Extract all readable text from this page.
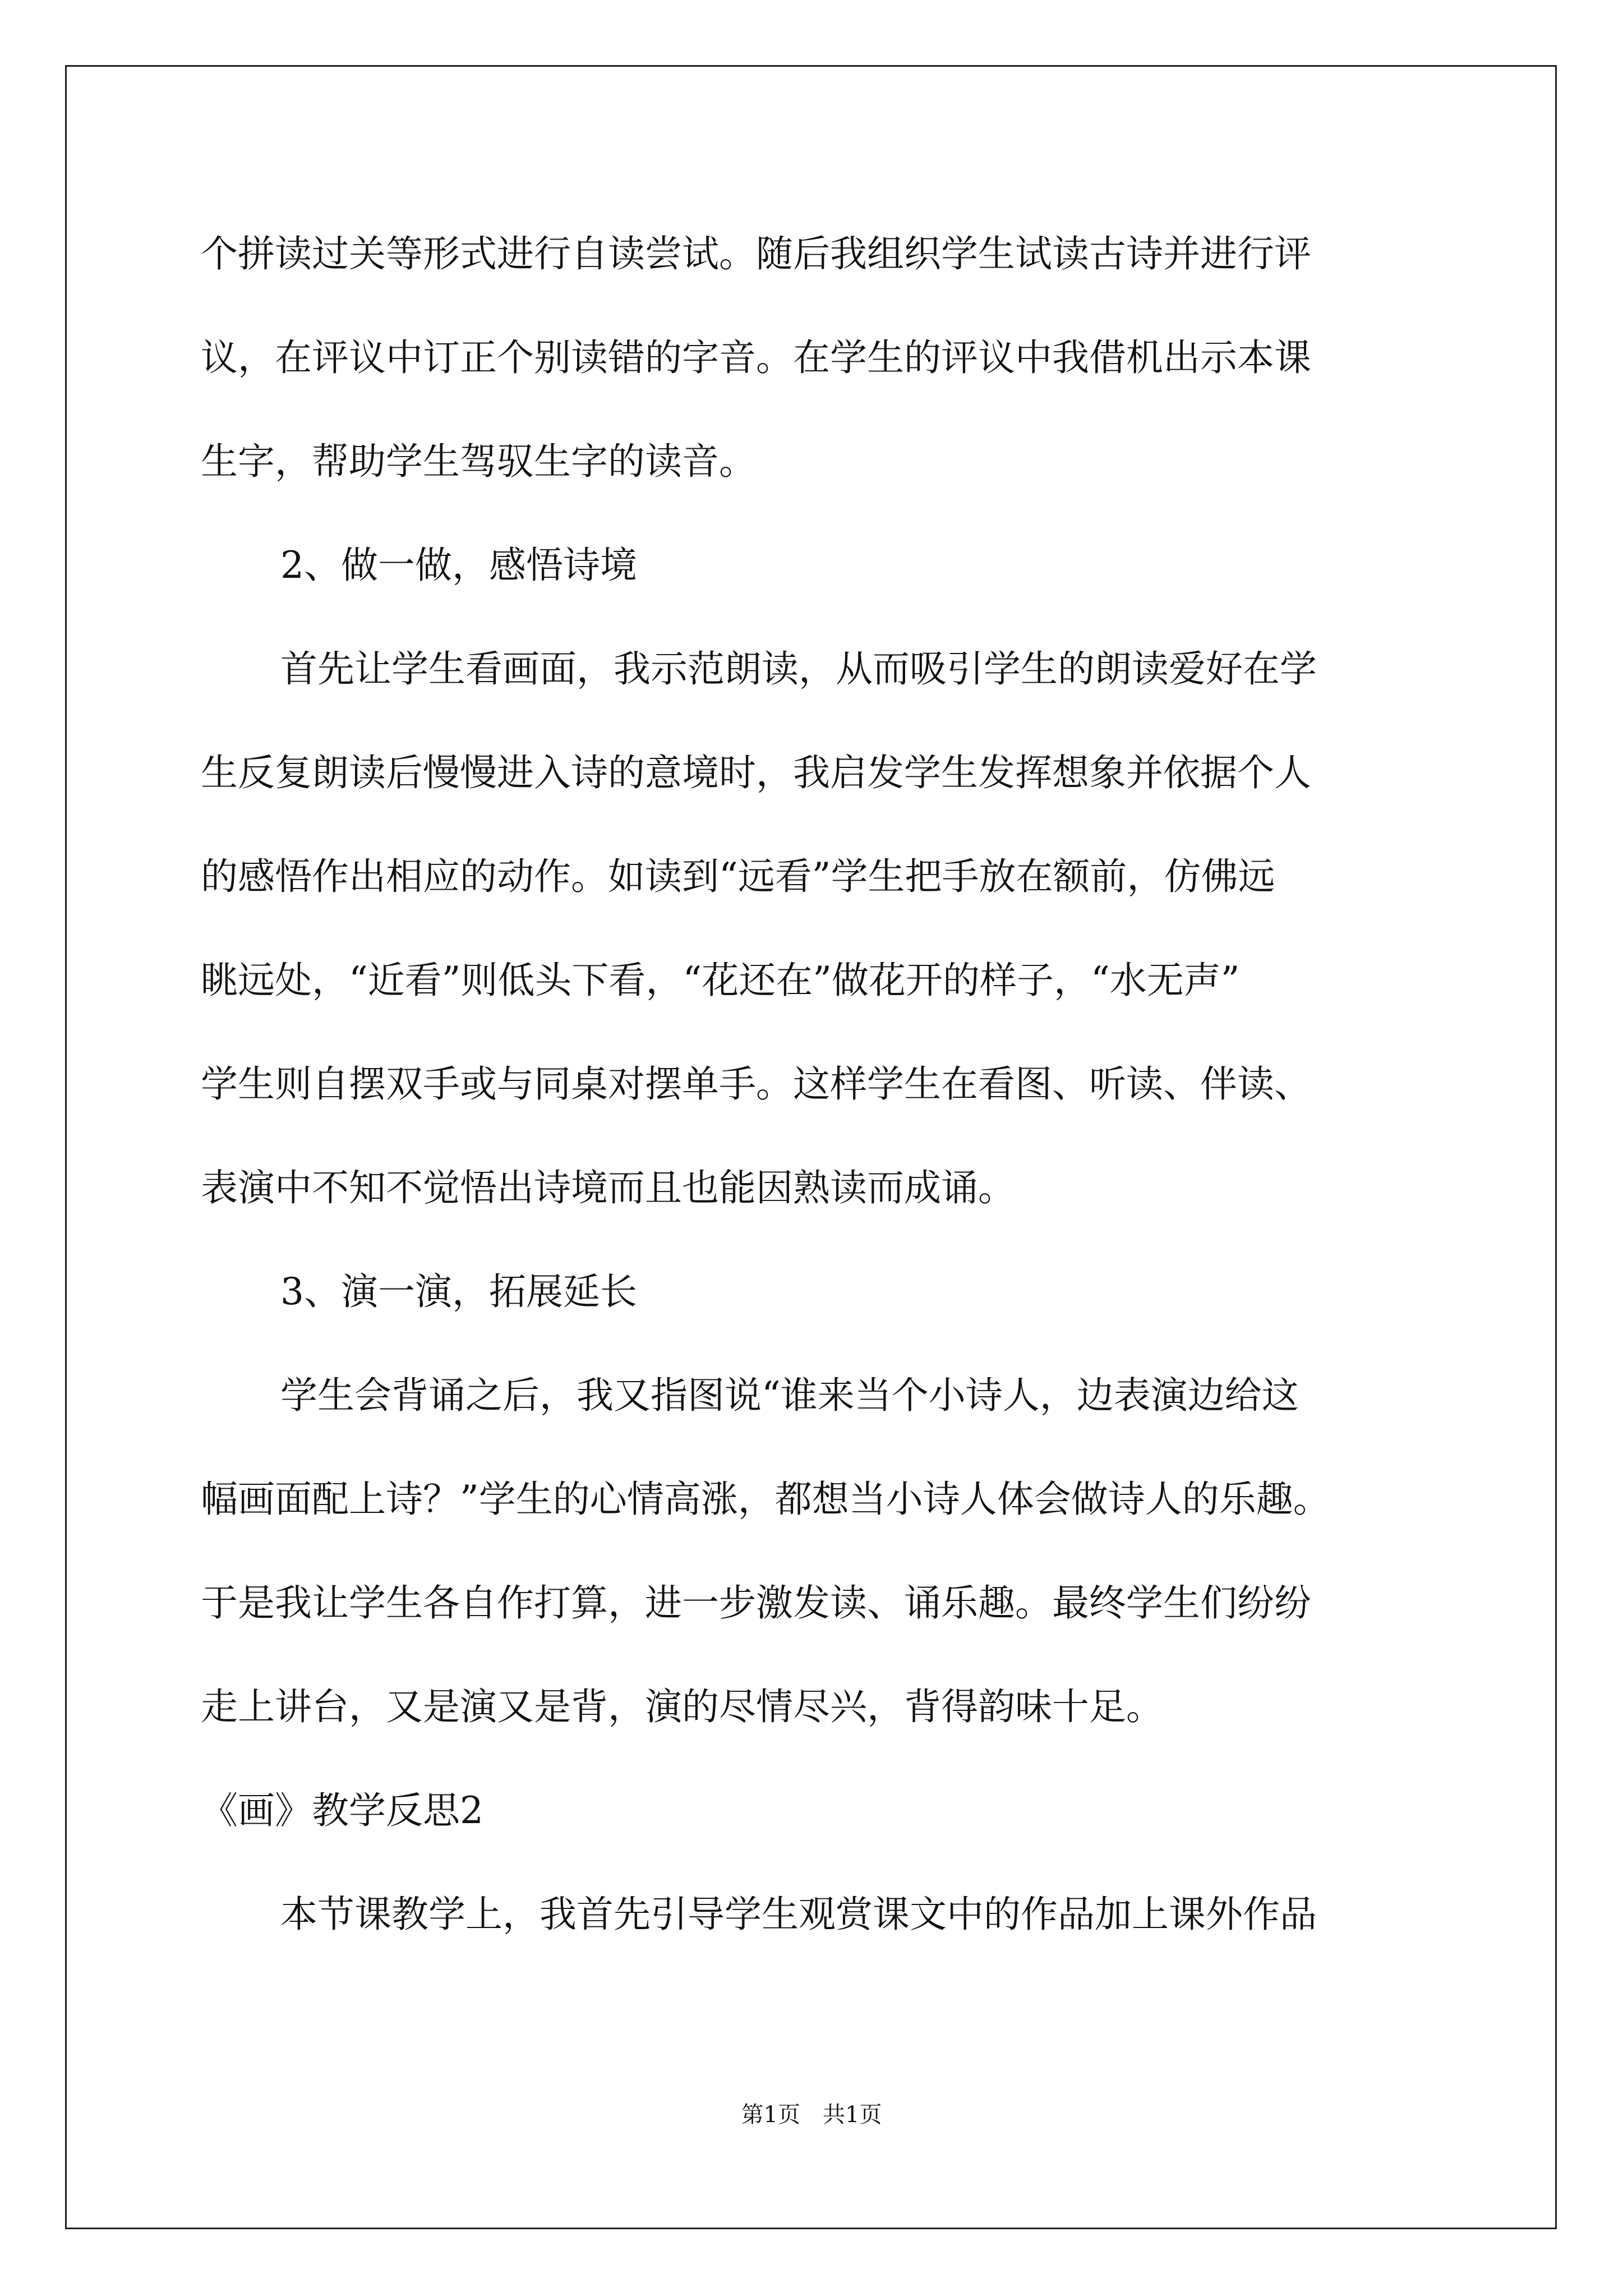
个拼读过关等形式进行自读尝试。随后我组织学生试读古诗并进行评
议，在评议中订正个别读错的字音。在学生的评议中我借机出示本课
生字，帮助学生驾驭生字的读音。
2、做一做，感悟诗境
首先让学生看画面，我示范朗读，从而吸引学生的朗读爱好在学
生反复朗读后慢慢进入诗的意境时，我启发学生发挥想象并依据个人
的感悟作出相应的动作。如读到“远看”学生把手放在额前，仿佛远
眺远处，“近看”则低头下看，“花还在”做花开的样子，“水无声”
学生则自摆双手或与同桌对摆单手。这样学生在看图、听读、伴读、
表演中不知不觉悟出诗境而且也能因熟读而成诵。
3、演一演，拓展延长
学生会背诵之后，我又指图说“谁来当个小诗人，边表演边给这
幅画面配上诗？”学生的心情高涨，都想当小诗人体会做诗人的乐趣。
于是我让学生各自作打算，进一步激发读、诵乐趣。最终学生们纷纷
走上讲台，又是演又是背，演的尽情尽兴，背得韵味十足。
《画》教学反思2
本节课教学上，我首先引导学生观赏课文中的作品加上课外作品
第1页　共1页
